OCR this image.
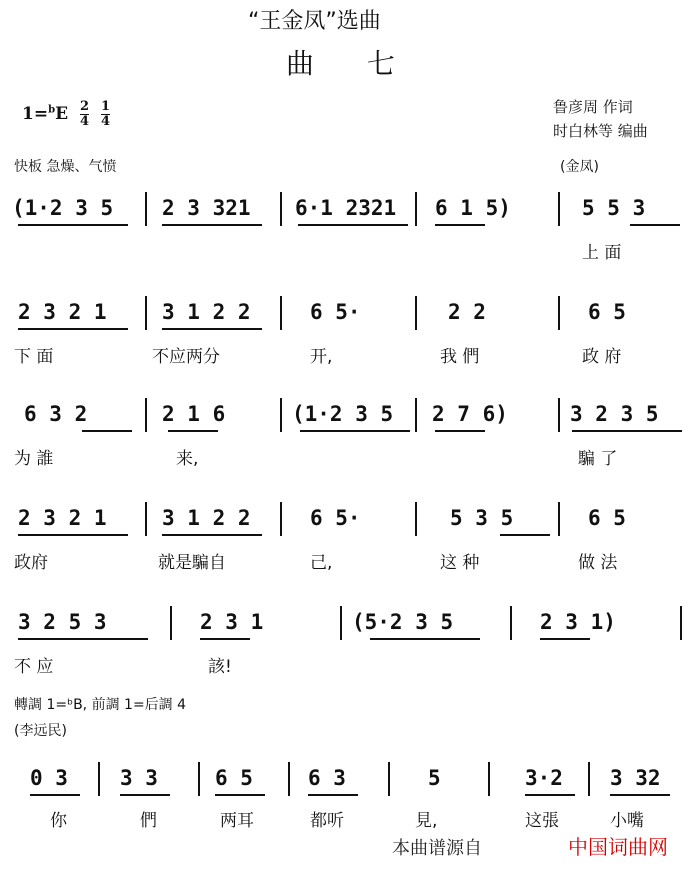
“王金凤”选曲
曲 七
$1=^bE \frac{2}{4}$
$\frac{1}{4}$	鲁彦周 作词
时白林等 编曲
快板 急燥、气愤	(金凤)
(1·2 3 5 2 3 321 6·1 2321 6 1 5)	5 5 3
上 面
2 3 2 1	3 1 2 2	6 5·	2 2	6 5
下 面	不应两分	开,	我 們	政 府
6 3 2	2 1 6	(1·2 3 5 2 7 6)	3 2 3 5
为 誰	来,	騙 了
2 3 2 1	3 1 2 2	6 5·	5 3 5	6 5
政府	就是騙自	己,	这 种	做 法
3 2 5 3	2 3 1	(5·2 3 5	2 3 1)
不 应	該!
轉調 1=ᵇB, 前調 1=后調 4
(李远民)
0 3 3 3	6 5	6 3	5	3·2 3 32
你	們	两耳	都听	見,	这張	小嘴
本曲谱源自	中国词曲网
